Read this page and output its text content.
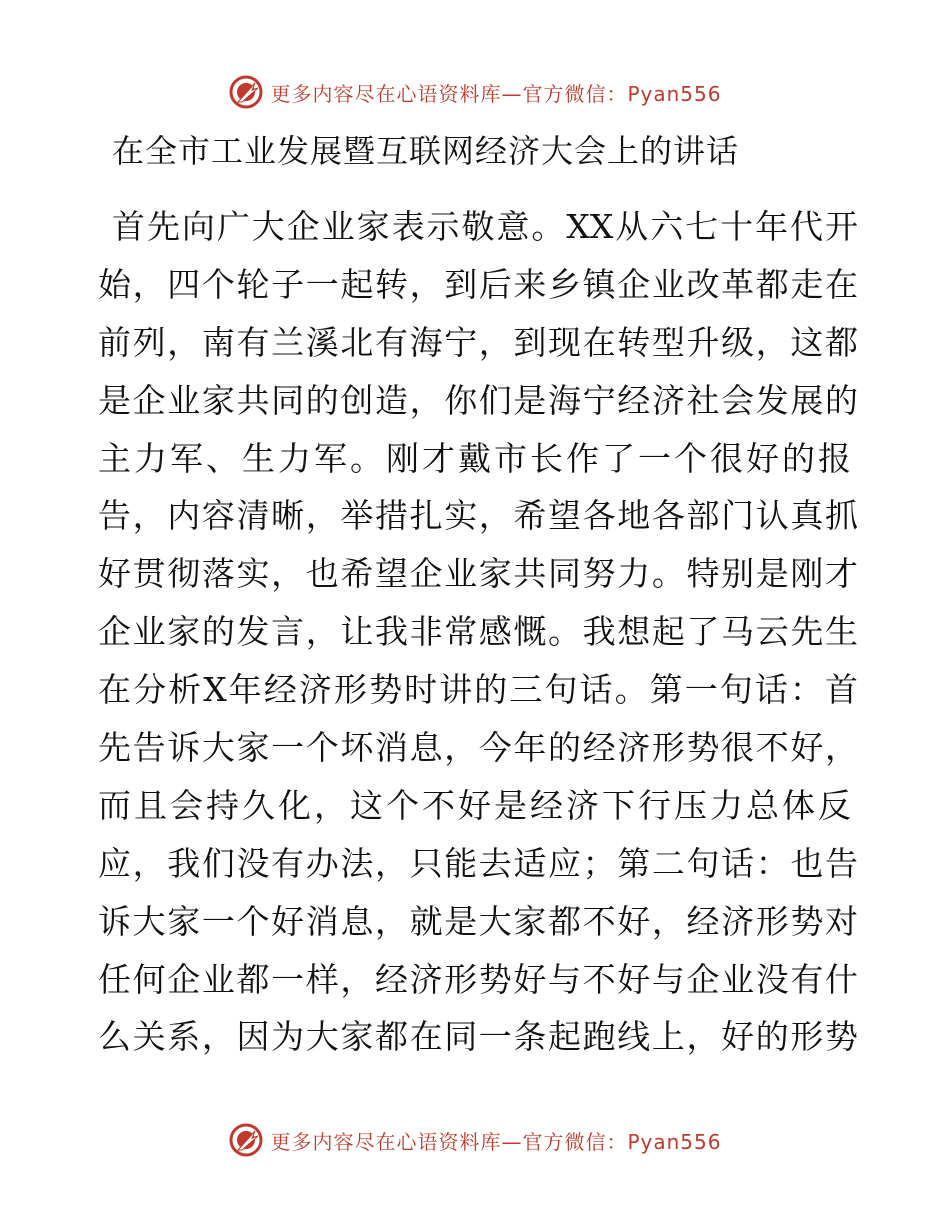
更多内容尽在心语资料库—官方微信：Pyan556
在全市工业发展暨互联网经济大会上的讲话
首先向广大企业家表示敬意。XX从六七十年代开
始，四个轮子一起转，到后来乡镇企业改革都走在
前列，南有兰溪北有海宁，到现在转型升级，这都
是企业家共同的创造，你们是海宁经济社会发展的
主力军、生力军。刚才戴市长作了一个很好的报
告，内容清晰，举措扎实，希望各地各部门认真抓
好贯彻落实，也希望企业家共同努力。特别是刚才
企业家的发言，让我非常感慨。我想起了马云先生
在分析X年经济形势时讲的三句话。第一句话：首
先告诉大家一个坏消息，今年的经济形势很不好，
而且会持久化，这个不好是经济下行压力总体反
应，我们没有办法，只能去适应；第二句话：也告
诉大家一个好消息，就是大家都不好，经济形势对
任何企业都一样，经济形势好与不好与企业没有什
么关系，因为大家都在同一条起跑线上，好的形势
更多内容尽在心语资料库—官方微信：Pyan556
